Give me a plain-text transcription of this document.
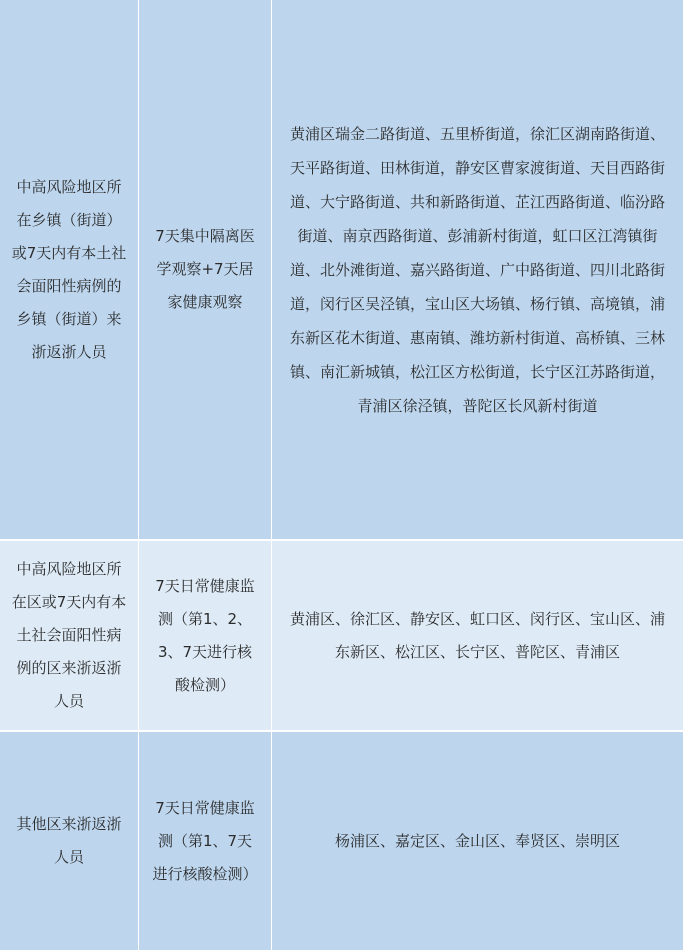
中高风险地区所在乡镇（街道）或7天内有本土社会面阳性病例的乡镇（街道）来浙返浙人员
7天集中隔离医学观察+7天居家健康观察
黄浦区瑞金二路街道、五里桥街道，徐汇区湖南路街道、天平路街道、田林街道，静安区曹家渡街道、天目西路街道、大宁路街道、共和新路街道、芷江西路街道、临汾路街道、南京西路街道、彭浦新村街道，虹口区江湾镇街道、北外滩街道、嘉兴路街道、广中路街道、四川北路街道，闵行区吴泾镇，宝山区大场镇、杨行镇、高境镇，浦东新区花木街道、惠南镇、潍坊新村街道、高桥镇、三林镇、南汇新城镇，松江区方松街道，长宁区江苏路街道，青浦区徐泾镇，普陀区长风新村街道
中高风险地区所在区或7天内有本土社会面阳性病例的区来浙返浙人员
7天日常健康监测（第1、2、3、7天进行核酸检测）
黄浦区、徐汇区、静安区、虹口区、闵行区、宝山区、浦东新区、松江区、长宁区、普陀区、青浦区
其他区来浙返浙人员
7天日常健康监测（第1、7天进行核酸检测）
杨浦区、嘉定区、金山区、奉贤区、崇明区
